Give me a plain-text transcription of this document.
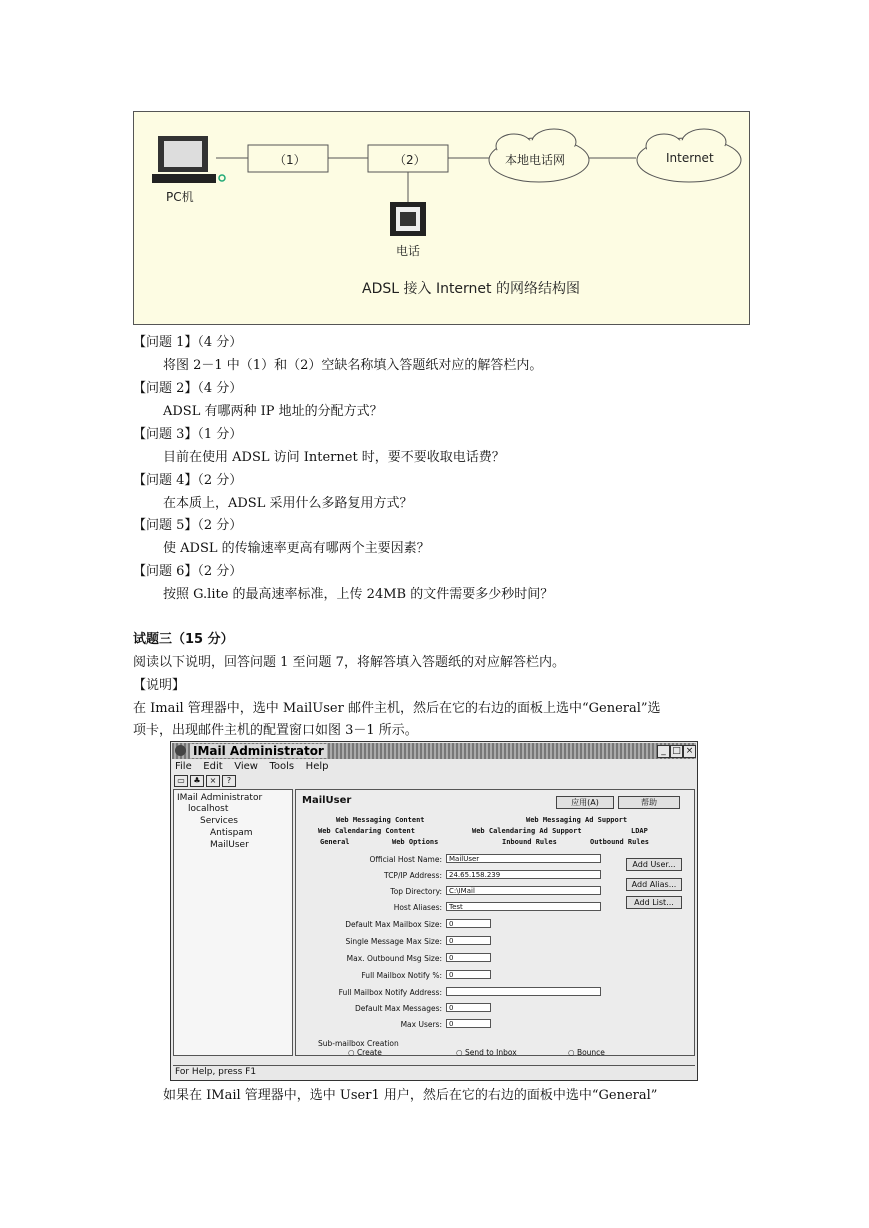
PC机
（1）	（2）	本地电话网	Internet
电话
ADSL 接入 Internet 的网络结构图
【问题 1】（4 分）
将图 2－1 中（1）和（2）空缺名称填入答题纸对应的解答栏内。
【问题 2】（4 分）
ADSL 有哪两种 IP 地址的分配方式？
【问题 3】（1 分）
目前在使用 ADSL 访问 Internet 时，要不要收取电话费？
【问题 4】（2 分）
在本质上，ADSL 采用什么多路复用方式？
【问题 5】（2 分）
使 ADSL 的传输速率更高有哪两个主要因素？
【问题 6】（2 分）
按照 G.lite 的最高速率标准，上传 24MB 的文件需要多少秒时间？
试题三（15 分）
阅读以下说明，回答问题 1 至问题 7，将解答填入答题纸的对应解答栏内。
【说明】
在 Imail 管理器中，选中 MailUser 邮件主机，然后在它的右边的面板上选中“General”选
项卡，出现邮件主机的配置窗口如图 3－1 所示。
IMail Administrator	_ □ ×
File Edit View Tools Help
▭ ♣ × ?
IMail Administrator
localhost
Services
Antispam
MailUser
MailUser	应用(A)	帮助
Web Messaging Content	Web Messaging Ad Support
Web Calendaring Content	Web Calendaring Ad Support	LDAP
General	Web Options	Inbound Rules	Outbound Rules
Official Host Name:	MailUser
TCP/IP Address:	24.65.158.239
Top Directory:	C:\IMail
Host Aliases:	Test
Default Max Mailbox Size:	0
Single Message Max Size:	0
Max. Outbound Msg Size:	0
Full Mailbox Notify %:	0
Full Mailbox Notify Address:
Default Max Messages:	0
Max Users:	0
Add User...
Add Alias...
Add List...
Sub-mailbox Creation
○ Create	○ Send to Inbox	○ Bounce
For Help, press F1
如果在 IMail 管理器中，选中 User1 用户，然后在它的右边的面板中选中“General”
